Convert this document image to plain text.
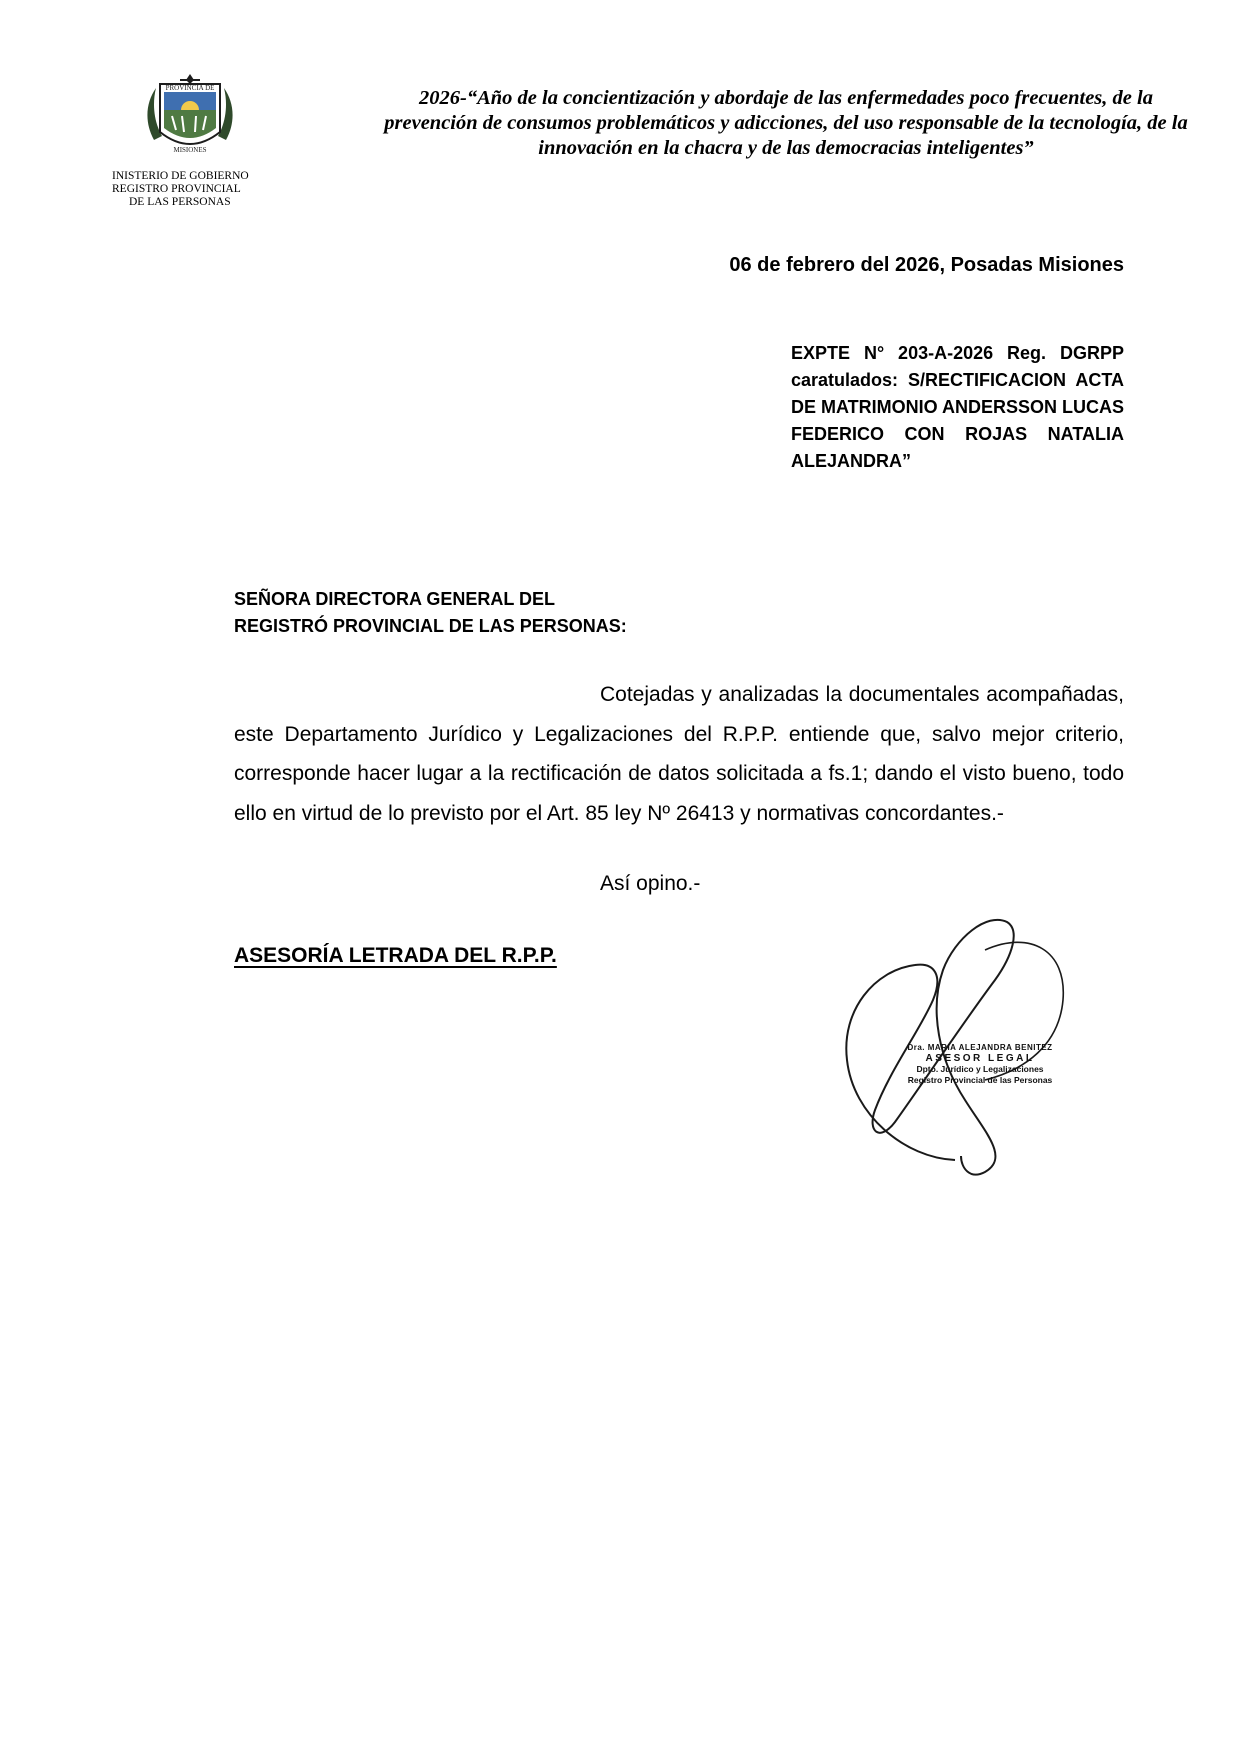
PROVINCIA DE
MISIONES
INISTERIO DE GOBIERNO
REGISTRO PROVINCIAL
DE LAS PERSONAS
2026-“Año de la concientización y abordaje de las enfermedades poco frecuentes, de la prevención de consumos problemáticos y adicciones, del uso responsable de la tecnología, de la innovación en la chacra y de las democracias inteligentes”
06 de febrero del 2026, Posadas Misiones
EXPTE N° 203-A-2026 Reg. DGRPP caratulados: S/RECTIFICACION ACTA DE MATRIMONIO ANDERSSON LUCAS FEDERICO CON ROJAS NATALIA ALEJANDRA”
SEÑORA DIRECTORA GENERAL DEL
REGISTRÓ PROVINCIAL DE LAS PERSONAS:

Cotejadas y analizadas la documentales acompañadas, este Departamento Jurídico y Legalizaciones del R.P.P. entiende que, salvo mejor criterio, corresponde hacer lugar a la rectificación de datos solicitada a fs.1; dando el visto bueno, todo ello en virtud de lo previsto por el Art. 85 ley Nº 26413 y normativas concordantes.-

Así opino.-
ASESORÍA LETRADA DEL R.P.P.
Dra. MARIA ALEJANDRA BENITEZ
ASESOR LEGAL
Dpto. Jurídico y Legalizaciones
Registro Provincial de las Personas
